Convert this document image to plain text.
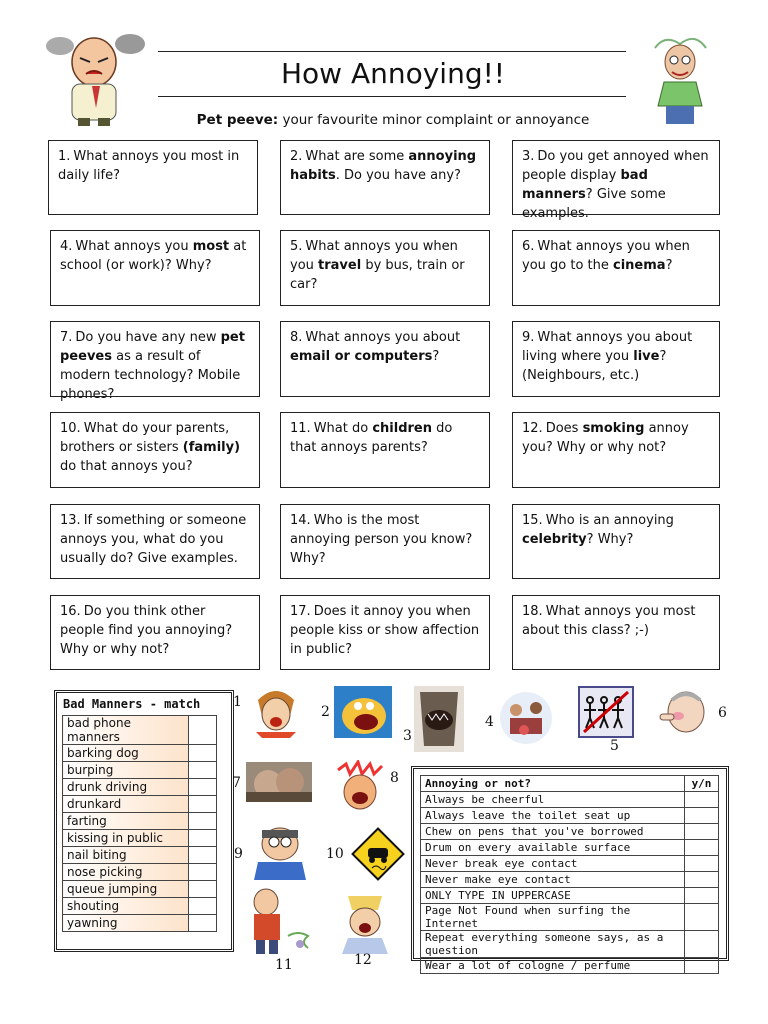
How Annoying!!
Pet peeve: your favourite minor complaint or annoyance
1. What annoys you most in daily life?
2. What are some annoying habits. Do you have any?
3. Do you get annoyed when people display bad manners? Give some examples.
4. What annoys you most at school (or work)? Why?
5. What annoys you when you travel by bus, train or car?
6. What annoys you when you go to the cinema?
7. Do you have any new pet peeves as a result of modern technology? Mobile phones?
8. What annoys you about email or computers?
9. What annoys you about living where you live? (Neighbours, etc.)
10. What do your parents, brothers or sisters (family) do that annoys you?
11. What do children do that annoys parents?
12. Does smoking annoy you? Why or why not?
13. If something or someone annoys you, what do you usually do? Give examples.
14. Who is the most annoying person you know? Why?
15. Who is an annoying celebrity? Why?
16. Do you think other people find you annoying? Why or why not?
17. Does it annoy you when people kiss or show affection in public?
18. What annoys you most about this class? ;-)
Bad Manners - match
bad phone manners	
barking dog	
burping	
drunk driving	
drunkard	
farting	
kissing in public	
nail biting	
nose picking	
queue jumping	
shouting	
yawning	
1
2
3
4
5
6
7	8
9	10
11	12
Annoying or not?	y/n
Always be cheerful	
Always leave the toilet seat up	
Chew on pens that you've borrowed	
Drum on every available surface	
Never break eye contact	
Never make eye contact	
ONLY TYPE IN UPPERCASE	
Page Not Found when surfing the Internet	
Repeat everything someone says, as a question	
Wear a lot of cologne / perfume	
